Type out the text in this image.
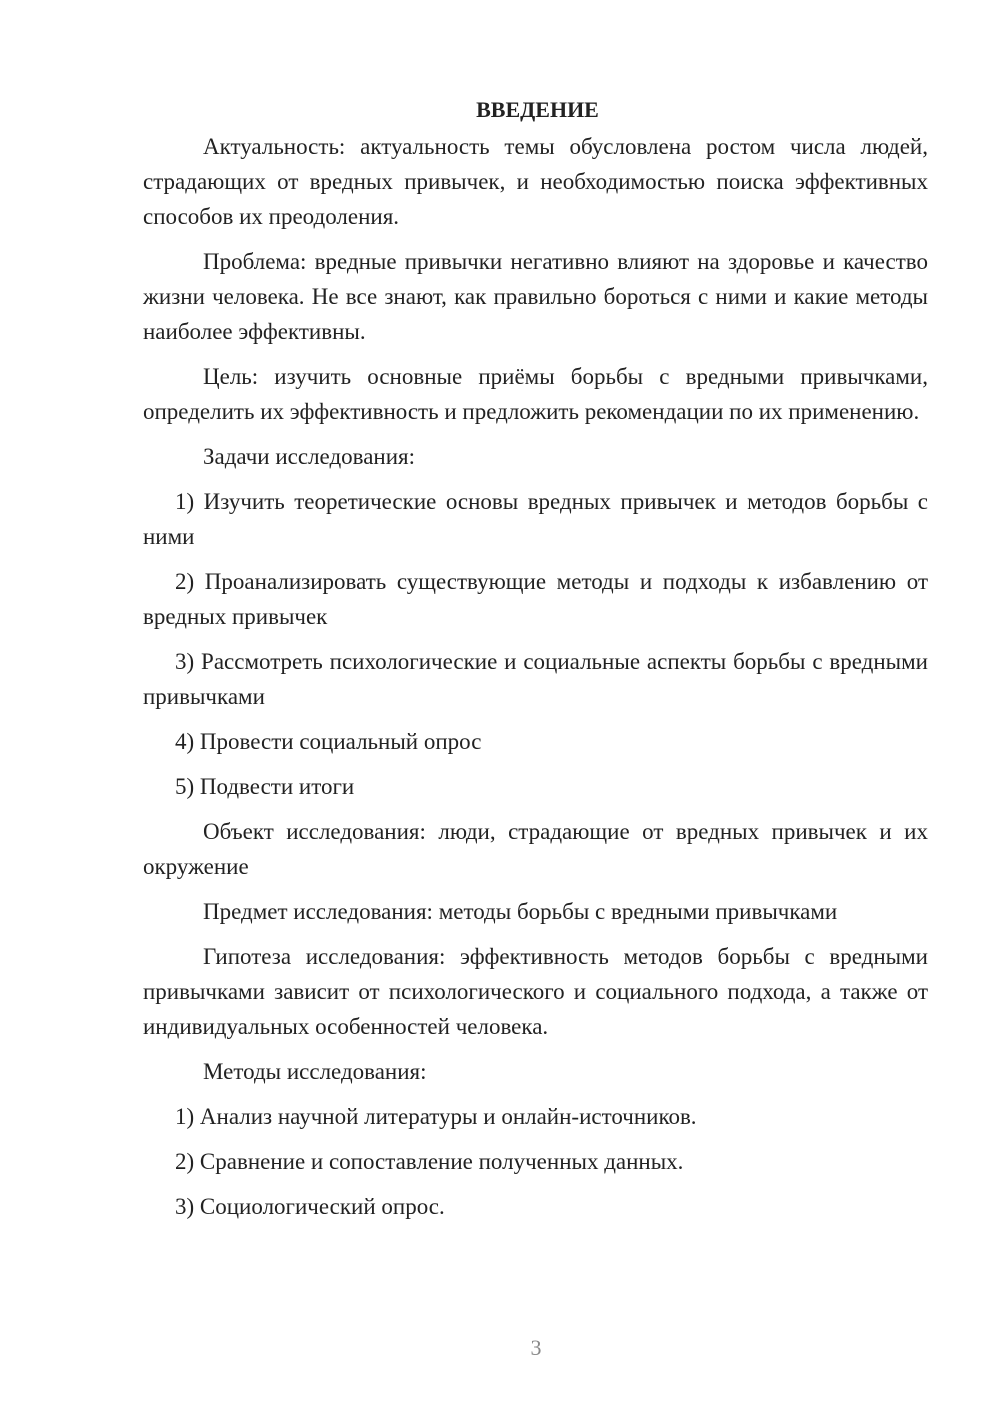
ВВЕДЕНИЕ

Актуальность: актуальность темы обусловлена ростом числа людей, страдающих от вредных привычек, и необходимостью поиска эффективных способов их преодоления.

Проблема: вредные привычки негативно влияют на здоровье и качество жизни человека. Не все знают, как правильно бороться с ними и какие методы наиболее эффективны.

Цель: изучить основные приёмы борьбы с вредными привычками, определить их эффективность и предложить рекомендации по их применению.

Задачи исследования:

1) Изучить теоретические основы вредных привычек и методов борьбы с ними

2) Проанализировать существующие методы и подходы к избавлению от вредных привычек

3) Рассмотреть психологические и социальные аспекты борьбы с вредными привычками

4) Провести социальный опрос

5) Подвести итоги

Объект исследования: люди, страдающие от вредных привычек и их окружение

Предмет исследования: методы борьбы с вредными привычками

Гипотеза исследования: эффективность методов борьбы с вредными привычками зависит от психологического и социального подхода, а также от индивидуальных особенностей человека.

Методы исследования:

1) Анализ научной литературы и онлайн-источников.

2) Сравнение и сопоставление полученных данных.

3) Социологический опрос.

3
